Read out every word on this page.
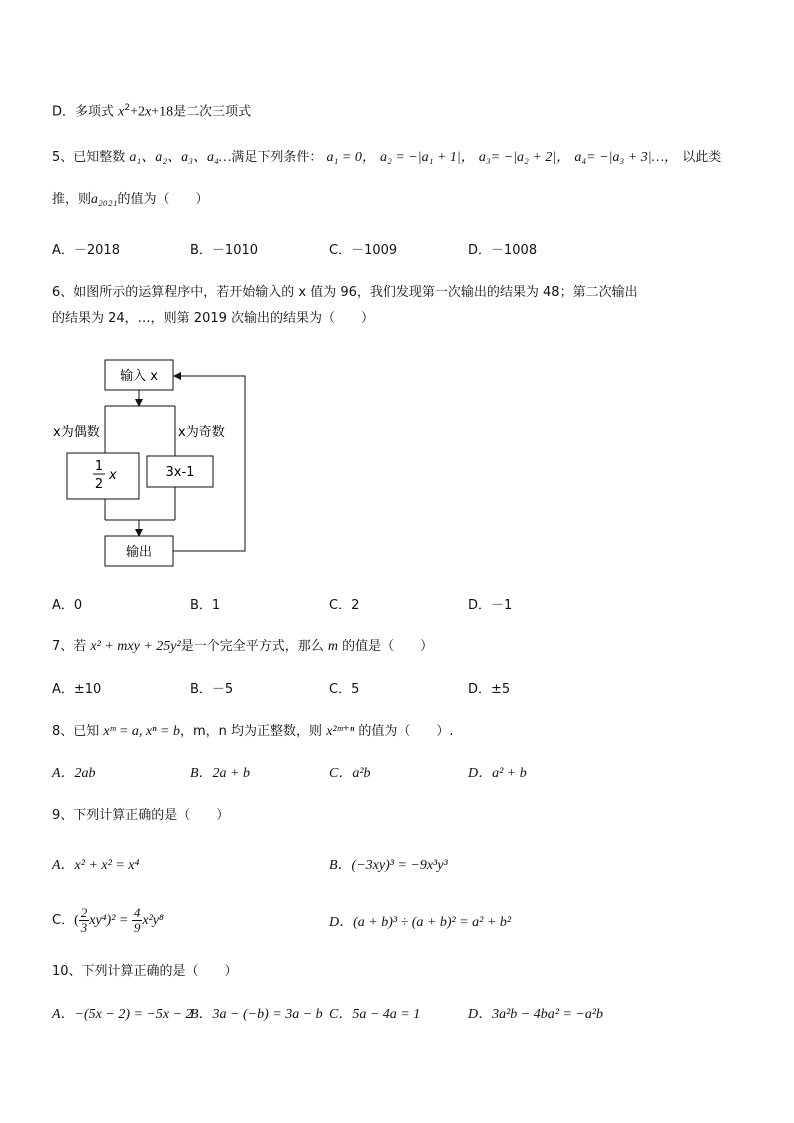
D．多项式 $x^2+2x+18$是二次三项式
5、已知整数 a₁、a₂、a₃、a₄…满足下列条件： a₁ = 0， a₂ = −|a₁ + 1|， a₃= −|a₂ + 2|， a₄= −|a₃ + 3|…， 以此类
推，则a₂₀₂₁的值为（　　）
A．－2018	B．－1010	C．－1009	D．－1008
6、如图所示的运算程序中，若开始输入的 x 值为 96，我们发现第一次输出的结果为 48；第二次输出
的结果为 24，…，则第 2019 次输出的结果为（　　）
输入 x
x为偶数	x为奇数
1
2
x	3x-1
输出
A．0	B．1	C．2	D．－1
7、若 x² + mxy + 25y²是一个完全平方式，那么 m 的值是（　　）
A．±10	B．－5	C．5	D．±5
8、已知 xᵐ = a, xⁿ = b，m，n 均为正整数，则 x²ᵐ⁺ⁿ 的值为（　　）.
A．2ab	B．2a + b	C．a²b	D．a² + b
9、下列计算正确的是（　　）
A．x² + x² = x⁴	B．(−3xy)³ = −9x³y³
C．( $\frac{2}{3} xy^4)^2 = \frac{4}{9} x^2y^8$	D．(a + b)³ ÷ (a + b)² = a² + b²
10、下列计算正确的是（　　）
A．−(5x − 2) = −5x − 2
B．3a − (−b) = 3a − b C．5a − 4a = 1	D．3a²b − 4ba² = −a²b
